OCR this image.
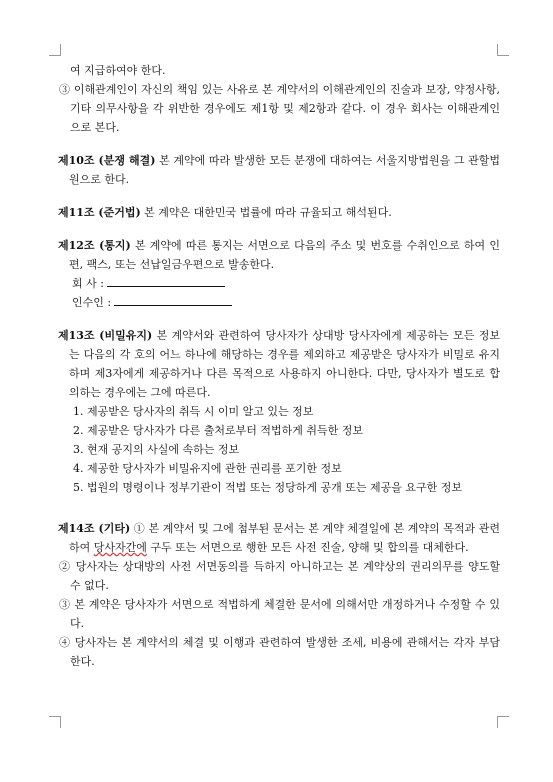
여 지급하여야 한다.

③ 이해관계인이 자신의 책임 있는 사유로 본 계약서의 이해관계인의 진술과 보장, 약정사항, 기타 의무사항을 각 위반한 경우에도 제1항 및 제2항과 같다. 이 경우 회사는 이해관계인으로 본다.

제10조 (분쟁 해결) 본 계약에 따라 발생한 모든 분쟁에 대하여는 서울지방법원을 그 관할법원으로 한다.

제11조 (준거법) 본 계약은 대한민국 법률에 따라 규율되고 해석된다.

제12조 (통지) 본 계약에 따른 통지는 서면으로 다음의 주소 및 번호를 수취인으로 하여 인편, 팩스, 또는 선납일금우편으로 발송한다.

회 사 :

인수인 :

제13조 (비밀유지) 본 계약서와 관련하여 당사자가 상대방 당사자에게 제공하는 모든 정보는 다음의 각 호의 어느 하나에 해당하는 경우를 제외하고 제공받은 당사자가 비밀로 유지하며 제3자에게 제공하거나 다른 목적으로 사용하지 아니한다. 다만, 당사자가 별도로 합의하는 경우에는 그에 따른다.

1. 제공받은 당사자의 취득 시 이미 알고 있는 정보

2. 제공받은 당사자가 다른 출처로부터 적법하게 취득한 정보

3. 현재 공지의 사실에 속하는 정보

4. 제공한 당사자가 비밀유지에 관한 권리를 포기한 정보

5. 법원의 명령이나 정부기관이 적법 또는 정당하게 공개 또는 제공을 요구한 정보

제14조 (기타) ① 본 계약서 및 그에 첨부된 문서는 본 계약 체결일에 본 계약의 목적과 관련하여 당사자간에 구두 또는 서면으로 행한 모든 사전 진술, 양해 및 합의를 대체한다.

② 당사자는 상대방의 사전 서면동의를 득하지 아니하고는 본 계약상의 권리의무를 양도할 수 없다.

③ 본 계약은 당사자가 서면으로 적법하게 체결한 문서에 의해서만 개정하거나 수정할 수 있다.

④ 당사자는 본 계약서의 체결 및 이행과 관련하여 발생한 조세, 비용에 관해서는 각자 부담한다.
